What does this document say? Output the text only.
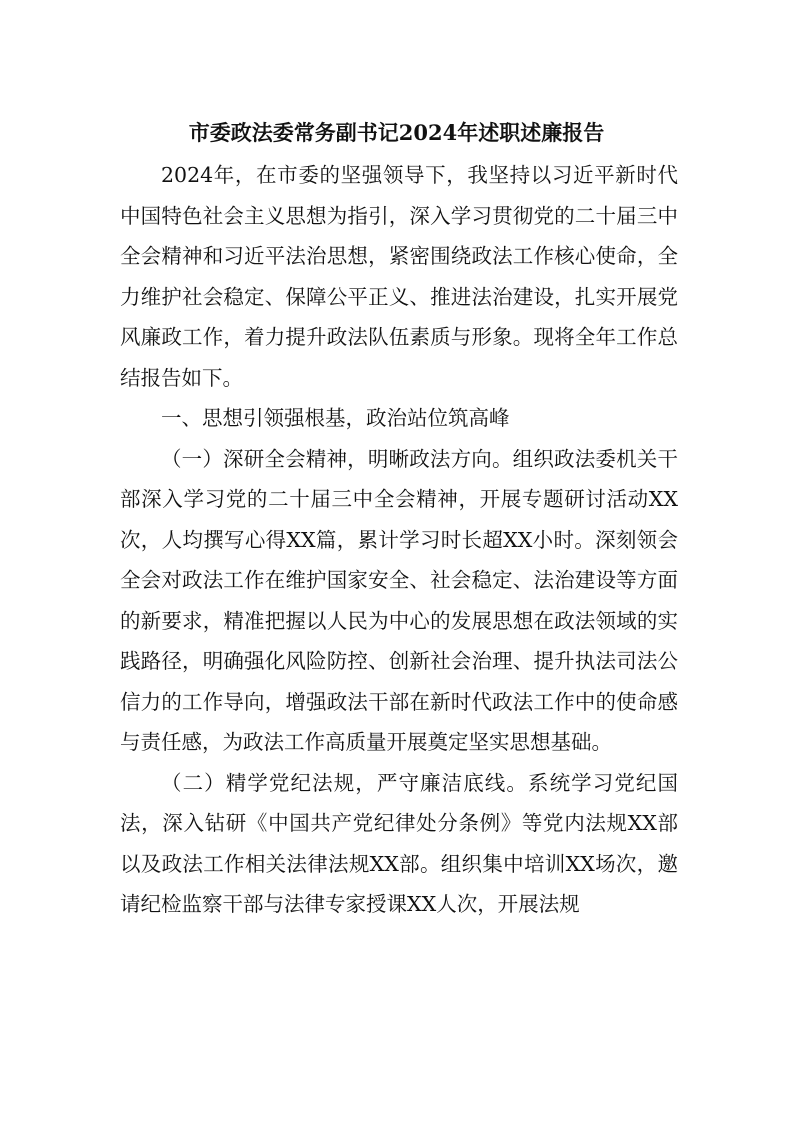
市委政法委常务副书记2024年述职述廉报告

2024年，在市委的坚强领导下，我坚持以习近平新时代中国特色社会主义思想为指引，深入学习贯彻党的二十届三中全会精神和习近平法治思想，紧密围绕政法工作核心使命，全力维护社会稳定、保障公平正义、推进法治建设，扎实开展党风廉政工作，着力提升政法队伍素质与形象。现将全年工作总结报告如下。

一、思想引领强根基，政治站位筑高峰

（一）深研全会精神，明晰政法方向。组织政法委机关干部深入学习党的二十届三中全会精神，开展专题研讨活动XX次，人均撰写心得XX篇，累计学习时长超XX小时。深刻领会全会对政法工作在维护国家安全、社会稳定、法治建设等方面的新要求，精准把握以人民为中心的发展思想在政法领域的实践路径，明确强化风险防控、创新社会治理、提升执法司法公信力的工作导向，增强政法干部在新时代政法工作中的使命感与责任感，为政法工作高质量开展奠定坚实思想基础。

（二）精学党纪法规，严守廉洁底线。系统学习党纪国法，深入钻研《中国共产党纪律处分条例》等党内法规XX部以及政法工作相关法律法规XX部。组织集中培训XX场次，邀请纪检监察干部与法律专家授课XX人次，开展法规
